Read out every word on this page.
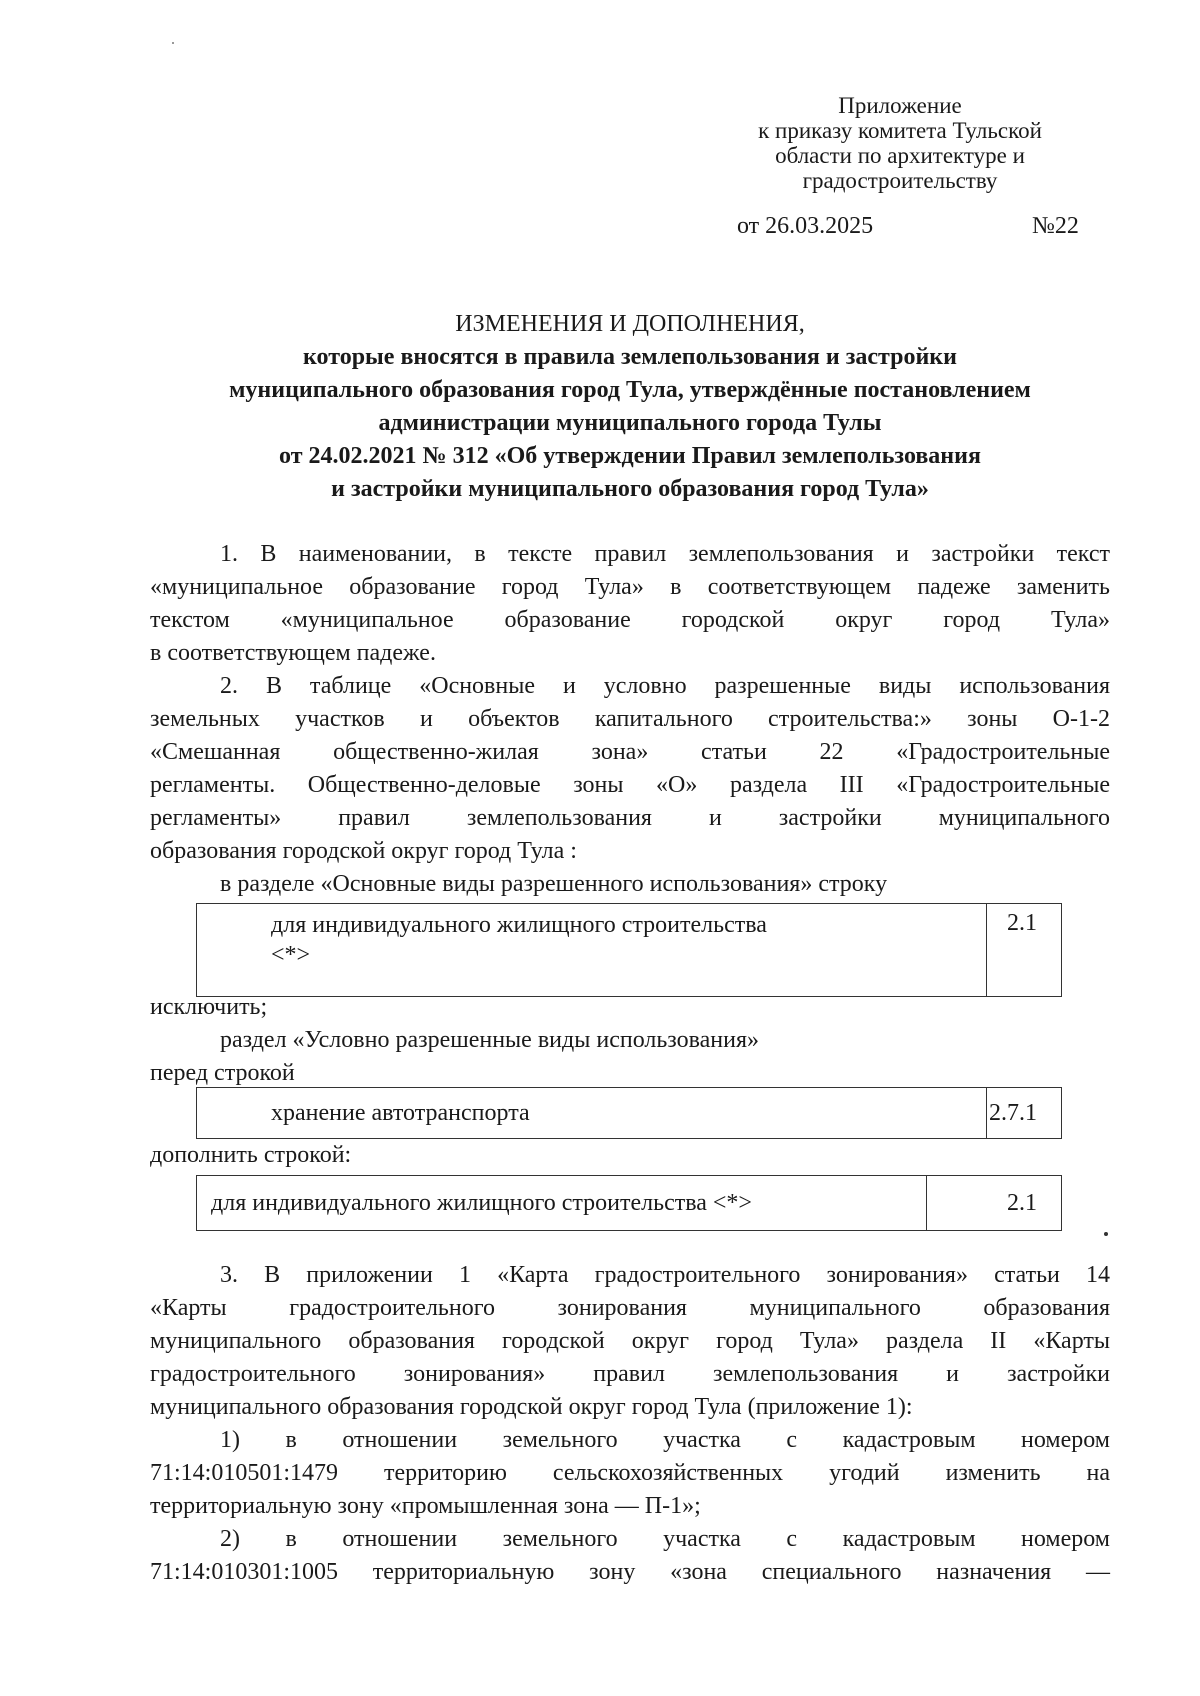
Приложение
к приказу комитета Тульской
области по архитектуре и
градостроительству
от 26.03.2025	№22
ИЗМЕНЕНИЯ И ДОПОЛНЕНИЯ,
которые вносятся в правила землепользования и застройки
муниципального образования город Тула, утверждённые постановлением
администрации муниципального города Тулы
от 24.02.2021 № 312 «Об утверждении Правил землепользования
и застройки муниципального образования город Тула»
1. В наименовании, в тексте правил землепользования и застройки текст
«муниципальное образование город Тула» в соответствующем падеже заменить
текстом «муниципальное образование городской округ город Тула»
в соответствующем падеже.
2. В таблице «Основные и условно разрешенные виды использования
земельных участков и объектов капитального строительства:» зоны О-1-2
«Смешанная общественно-жилая зона» статьи 22 «Градостроительные
регламенты. Общественно-деловые зоны «О» раздела III «Градостроительные
регламенты» правил землепользования и застройки муниципального
образования городской округ город Тула :
в разделе «Основные виды разрешенного использования» строку
для индивидуального жилищного строительства
<*>
	2.1
исключить;
раздел «Условно разрешенные виды использования»
перед строкой
хранение автотранспорта	2.7.1
дополнить строкой:
для индивидуального жилищного строительства <*>	2.1
3. В приложении 1 «Карта градостроительного зонирования» статьи 14
«Карты градостроительного зонирования муниципального образования
муниципального образования городской округ город Тула» раздела II «Карты
градостроительного зонирования» правил землепользования и застройки
муниципального образования городской округ город Тула (приложение 1):
1) в отношении земельного участка с кадастровым номером
71:14:010501:1479 территорию сельскохозяйственных угодий изменить на
территориальную зону «промышленная зона — П-1»;
2) в отношении земельного участка с кадастровым номером
71:14:010301:1005 территориальную зону «зона специального назначения —
